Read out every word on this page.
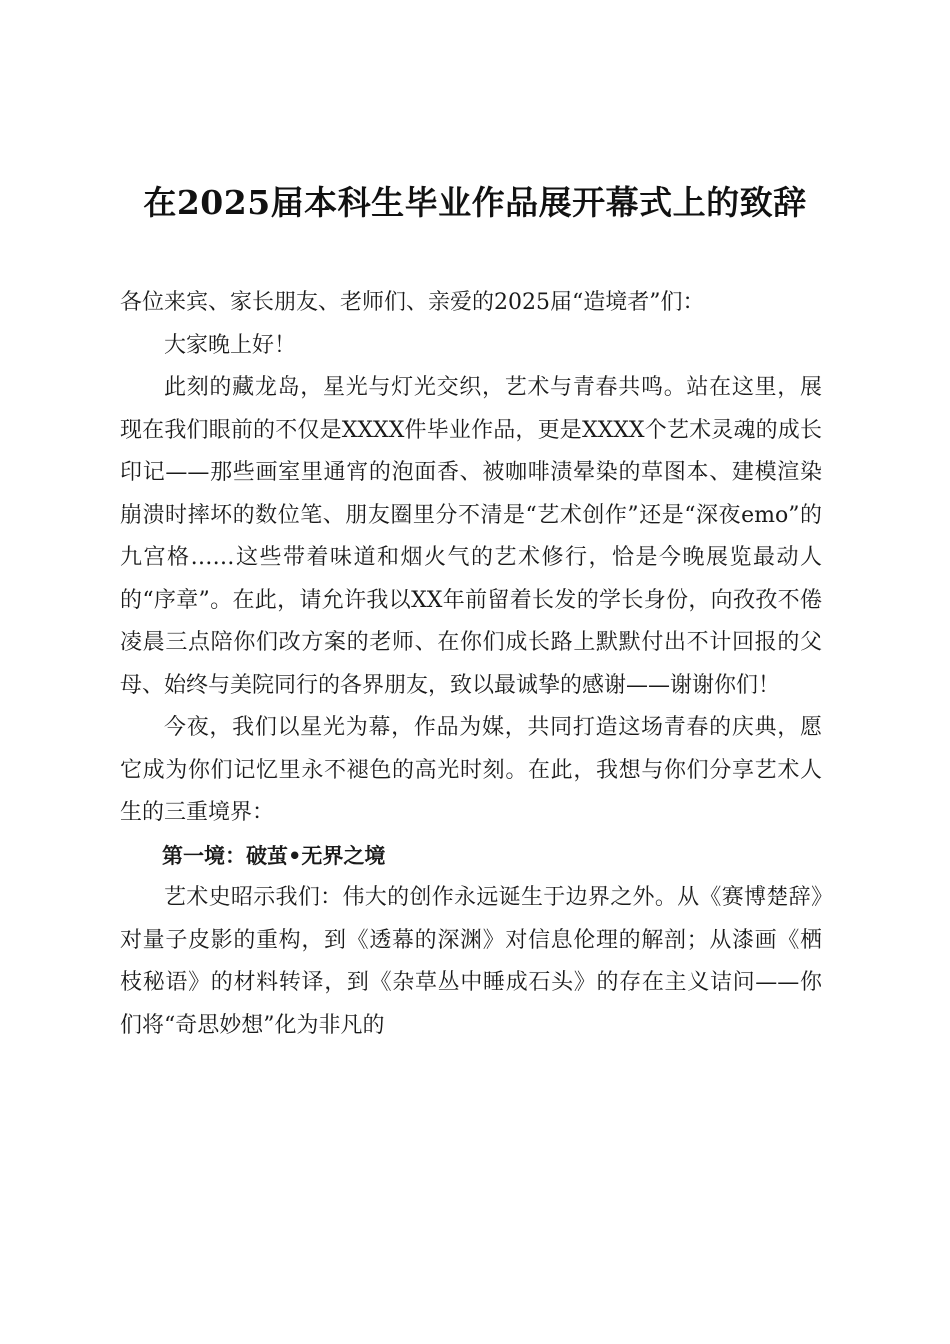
在2025届本科生毕业作品展开幕式上的致辞

各位来宾、家长朋友、老师们、亲爱的2025届“造境者”们：

大家晚上好！

此刻的藏龙岛，星光与灯光交织，艺术与青春共鸣。站在这里，展现在我们眼前的不仅是XXXX件毕业作品，更是XXXX个艺术灵魂的成长印记——那些画室里通宵的泡面香、被咖啡渍晕染的草图本、建模渲染崩溃时摔坏的数位笔、朋友圈里分不清是“艺术创作”还是“深夜emo”的九宫格……这些带着味道和烟火气的艺术修行，恰是今晚展览最动人的“序章”。在此，请允许我以XX年前留着长发的学长身份，向孜孜不倦凌晨三点陪你们改方案的老师、在你们成长路上默默付出不计回报的父母、始终与美院同行的各界朋友，致以最诚挚的感谢——谢谢你们！

今夜，我们以星光为幕，作品为媒，共同打造这场青春的庆典，愿它成为你们记忆里永不褪色的高光时刻。在此，我想与你们分享艺术人生的三重境界：

第一境：破茧•无界之境

艺术史昭示我们：伟大的创作永远诞生于边界之外。从《赛博楚辞》对量子皮影的重构，到《透幕的深渊》对信息伦理的解剖；从漆画《栖枝秘语》的材料转译，到《杂草丛中睡成石头》的存在主义诘问——你们将“奇思妙想”化为非凡的
